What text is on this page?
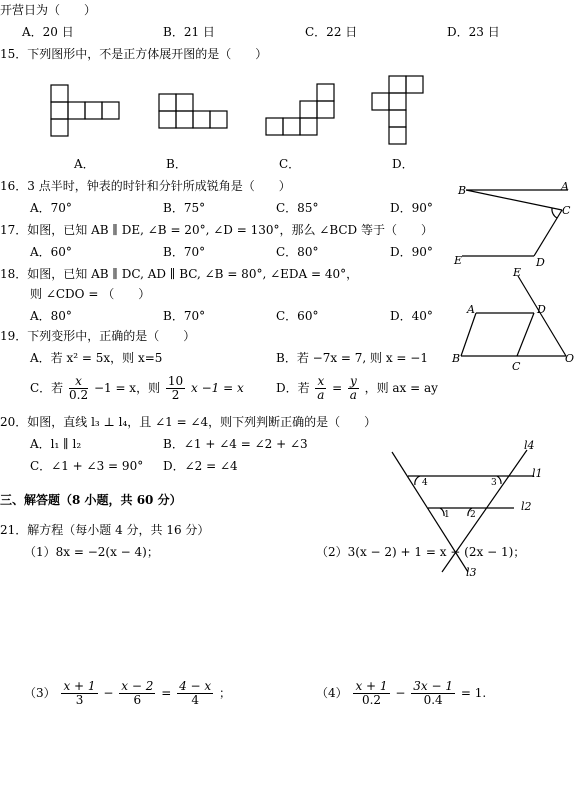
开营日为（　　）
A．20 日	B．21 日	C．22 日	D．23 日
15．下列图形中，不是正方体展开图的是（　　）
A．	B．	C．	D．
16．3 点半时，钟表的时针和分针所成锐角是（　　）
A．70°	B．75°	C．85°	D．90°
17．如图，已知 AB ∥ DE, ∠B = 20°, ∠D = 130°，那么 ∠BCD 等于（　　）
A．60°	B．70°	C．80°	D．90°
B	A
C
E	D
18．如图，已知 AB ∥ DC, AD ∥ BC, ∠B = 80°, ∠EDA = 40°，
则 ∠CDO = （　　）
A．80°	B．70°	C．60°	D．40°
E
A	D
B
C
O
19．下列变形中，正确的是（　　）
A．若 x² = 5x，则 x=5	B．若 −7x = 7, 则 x = −1
C．若 $\frac{x}{0.2} -1 = x$，则 $\frac{10}{2}$ x −1 = x	D．若 $\frac{x}{a} = \frac{y}{a}$ ，则 ax = ay
20．如图，直线 l₃ ⊥ l₄，且 ∠1 = ∠4，则下列判断正确的是（　　）
A．l₁ ∥ l₂	B．∠1 + ∠4 = ∠2 + ∠3
C．∠1 + ∠3 = 90° D．∠2 = ∠4
l4
l1
l2
l3
4	3
1 2
三、解答题（8 小题，共 60 分）
21．解方程（每小题 4 分，共 16 分）
（1）8x = −2(x − 4)；	（2）3(x − 2) + 1 = x − (2x − 1)；
$(3) \frac{x + 1}{3} - \frac{x - 2}{6} = \frac{4 - x}{4}$ ；	$(4) \frac{x + 1}{0.2} - \frac{3x - 1}{0.4} = 1$.
